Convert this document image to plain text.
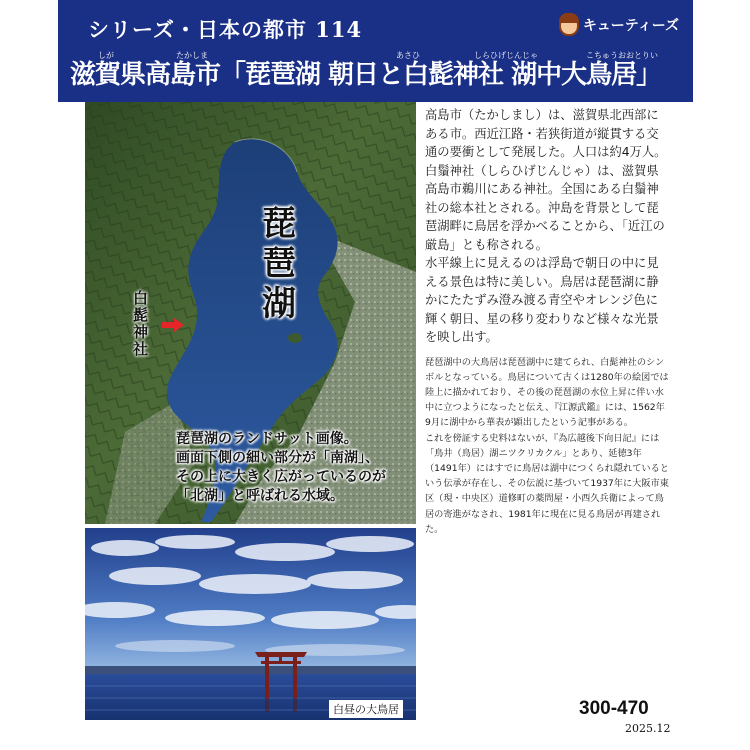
シリーズ・日本の都市 114	キューティーズ
しが	たかしま	あさひ	しらひげじんじゃ	こちゅうおおとりい
滋賀県高島市「琵琶湖 朝日と白髭神社 湖中大鳥居」
琵琶湖
白髭神社
琵琶湖のランドサット画像。
画面下側の細い部分が「南湖」、
その上に大きく広がっているのが
「北湖」と呼ばれる水域。
白昼の大鳥居

高島市（たかしまし）は、滋賀県北西部にある市。西近江路・若狭街道が縦貫する交通の要衝として発展した。人口は約4万人。

白鬚神社（しらひげじんじゃ）は、滋賀県高島市鵜川にある神社。全国にある白鬚神社の総本社とされる。沖島を背景として琵琶湖畔に鳥居を浮かべることから、「近江の厳島」とも称される。

水平線上に見えるのは浮島で朝日の中に見える景色は特に美しい。鳥居は琵琶湖に静かにたたずみ澄み渡る青空やオレンジ色に輝く朝日、星の移り変わりなど様々な光景を映し出す。

琵琶湖中の大鳥居は琵琶湖中に建てられ、白髭神社のシンボルとなっている。鳥居について古くは1280年の絵図では陸上に描かれており、その後の琵琶湖の水位上昇に伴い水中に立つようになったと伝え、『江源武鑑』には、1562年9月に湖中から華表が顕出したという記事がある。

これを傍証する史料はないが、『為広越後下向日記』には「鳥井（鳥居）湖ニツクリカクル」とあり、延徳3年（1491年）にはすでに鳥居は湖中につくられ隠れているという伝承が存在し、その伝説に基づいて1937年に大阪市東区（現・中央区）道修町の薬問屋・小西久兵衛によって鳥居の寄進がなされ、1981年に現在に見る鳥居が再建された。

300-470
2025.12
